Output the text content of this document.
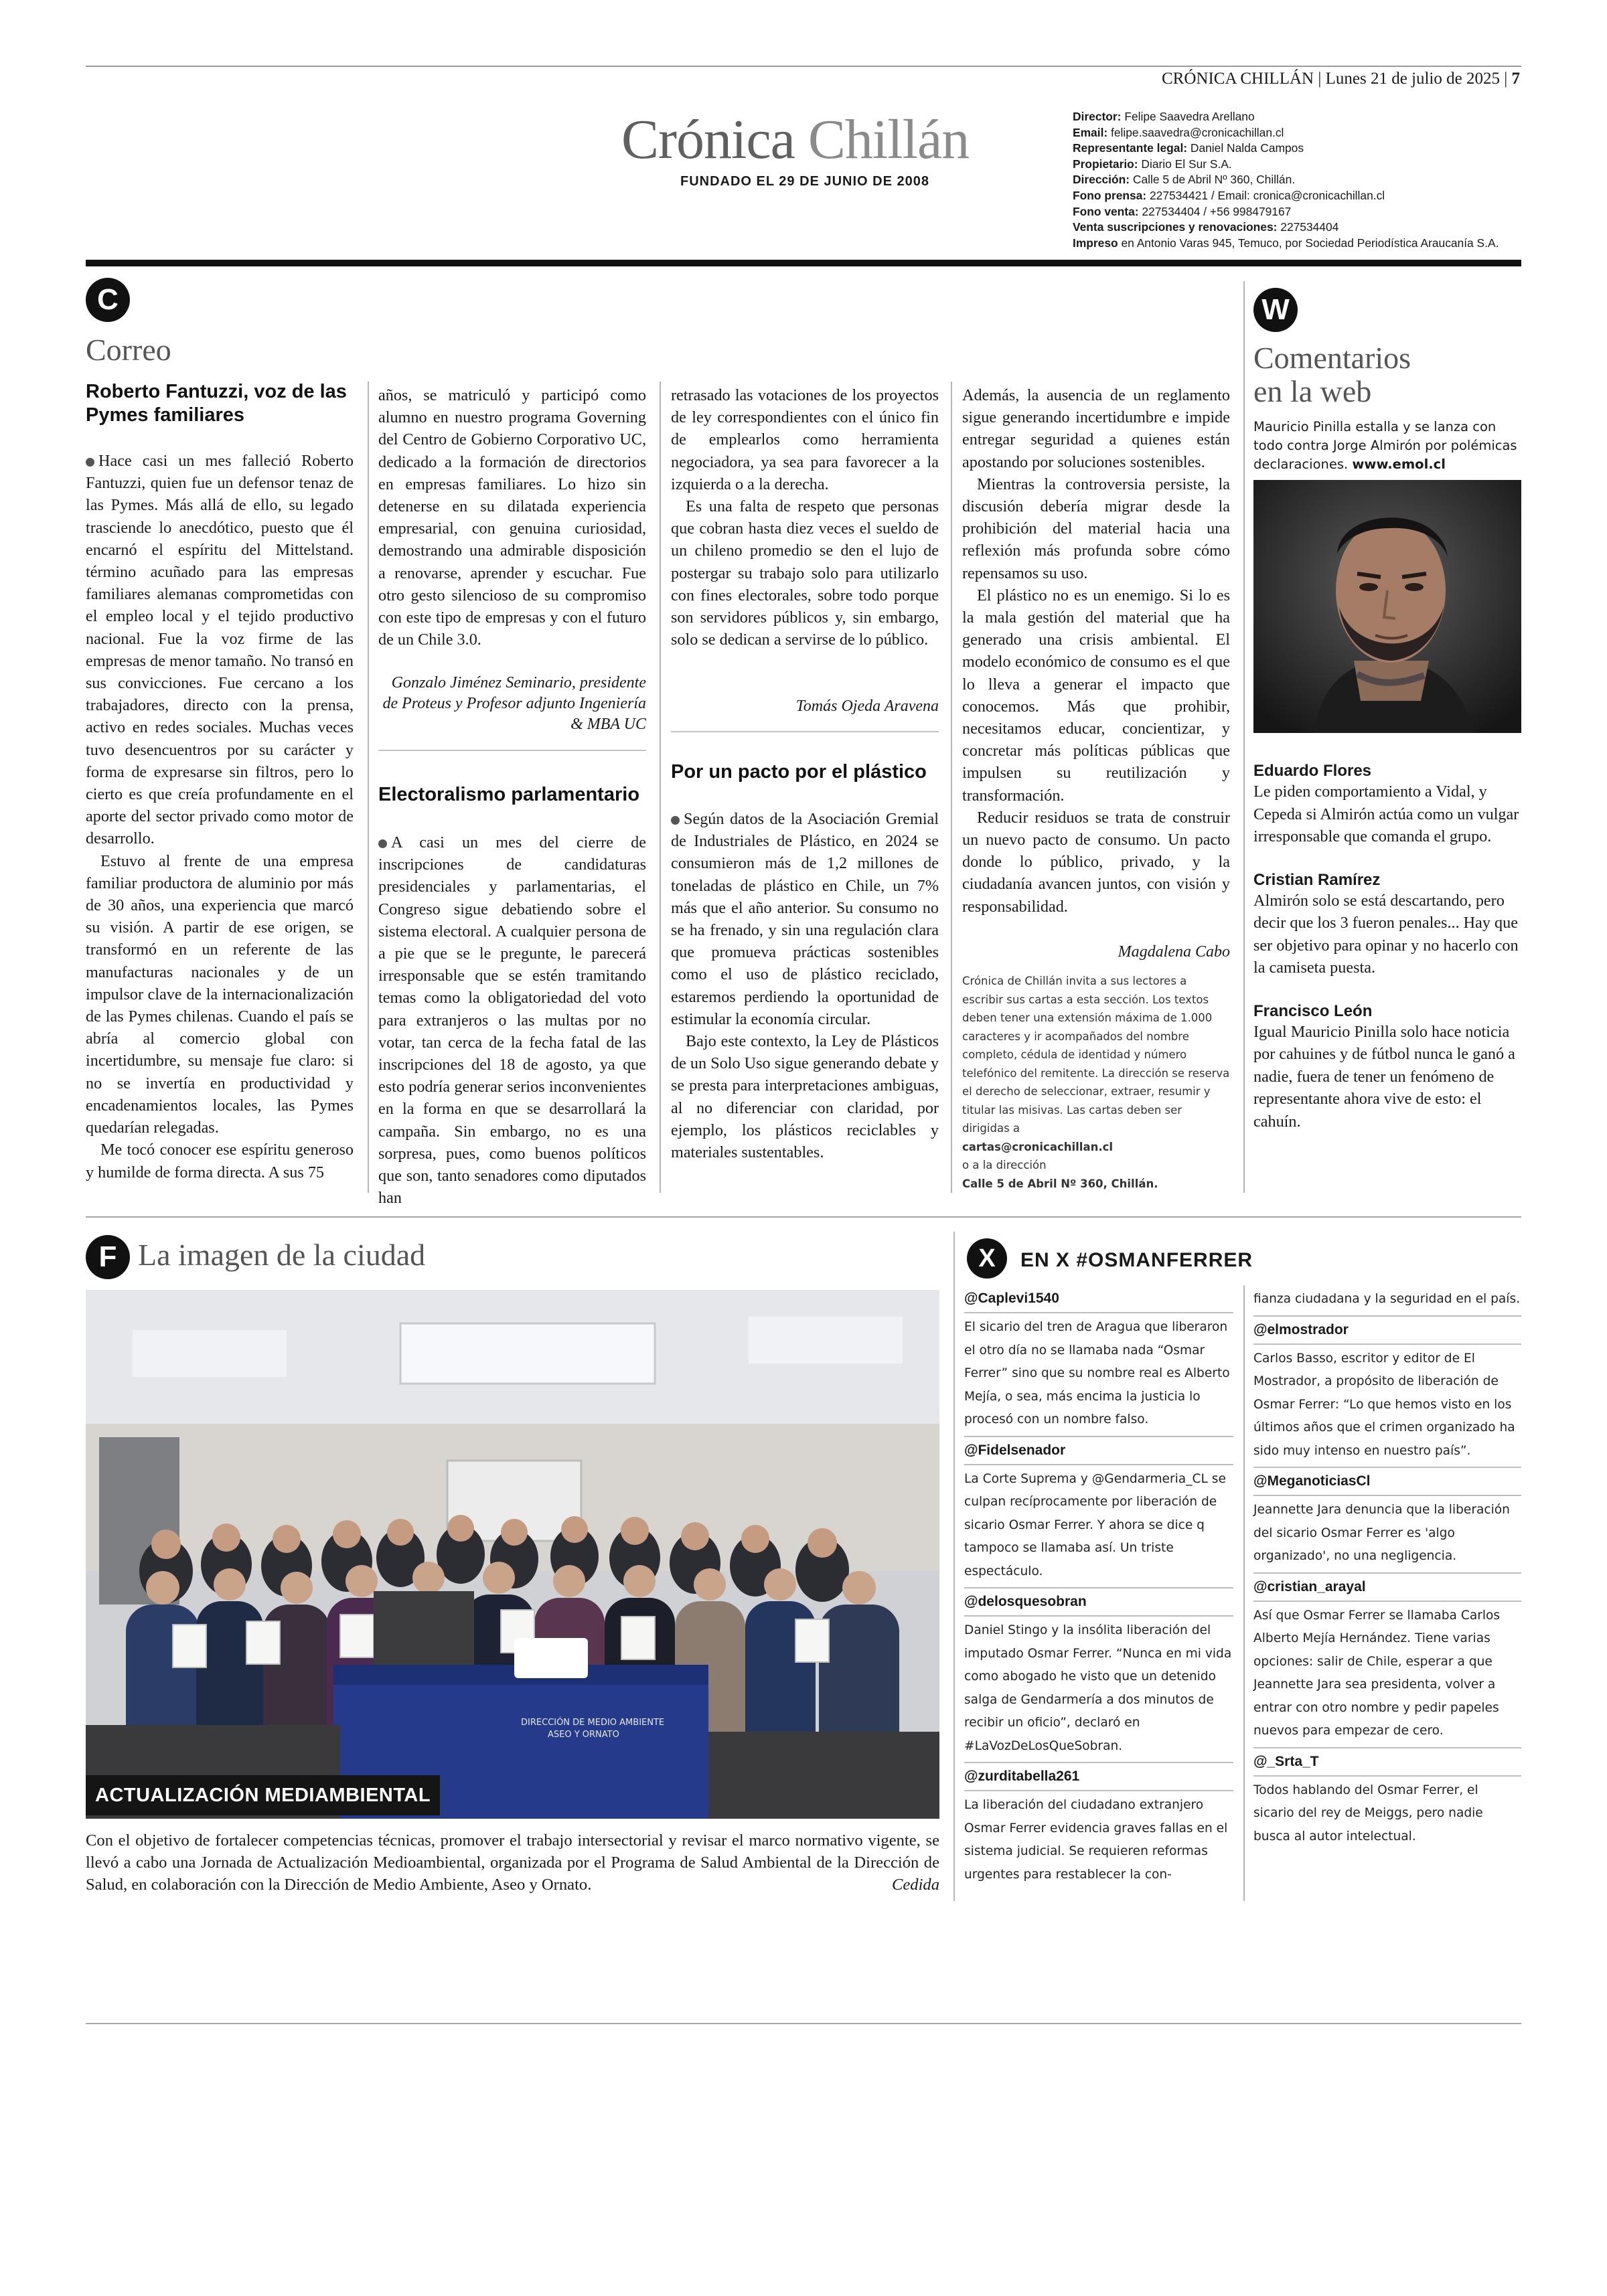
CRÓNICA CHILLÁN | Lunes 21 de julio de 2025 | 7
Crónica Chillán
FUNDADO EL 29 DE JUNIO DE 2008
Director: Felipe Saavedra Arellano
Email: felipe.saavedra@cronicachillan.cl
Representante legal: Daniel Nalda Campos
Propietario: Diario El Sur S.A.
Dirección: Calle 5 de Abril Nº 360, Chillán.
Fono prensa: 227534421 / Email: cronica@cronicachillan.cl
Fono venta: 227534404 / +56 998479167
Venta suscripciones y renovaciones: 227534404
Impreso en Antonio Varas 945, Temuco, por Sociedad Periodística Araucanía S.A.
C
Correo
Roberto Fantuzzi, voz de las Pymes familiares

Hace casi un mes falleció Roberto Fantuzzi, quien fue un defensor tenaz de las Pymes. Más allá de ello, su legado trasciende lo anecdótico, puesto que él encarnó el espíritu del Mittelstand. término acuñado para las empresas familiares alemanas comprometidas con el empleo local y el tejido productivo nacional. Fue la voz firme de las empresas de menor tamaño. No transó en sus convicciones. Fue cercano a los trabajadores, directo con la prensa, activo en redes sociales. Muchas veces tuvo desencuentros por su carácter y forma de expresarse sin filtros, pero lo cierto es que creía profundamente en el aporte del sector privado como motor de desarrollo.

Estuvo al frente de una empresa familiar productora de aluminio por más de 30 años, una experiencia que marcó su visión. A partir de ese origen, se transformó en un referente de las manufacturas nacionales y de un impulsor clave de la internacionalización de las Pymes chilenas. Cuando el país se abría al comercio global con incertidumbre, su mensaje fue claro: si no se invertía en productividad y encadenamientos locales, las Pymes quedarían relegadas.

Me tocó conocer ese espíritu generoso y humilde de forma directa. A sus 75

años, se matriculó y participó como alumno en nuestro programa Governing del Centro de Gobierno Corporativo UC, dedicado a la formación de directorios en empresas familiares. Lo hizo sin detenerse en su dilatada experiencia empresarial, con genuina curiosidad, demostrando una admirable disposición a renovarse, aprender y escuchar. Fue otro gesto silencioso de su compromiso con este tipo de empresas y con el futuro de un Chile 3.0.

Gonzalo Jiménez Seminario, presidente de Proteus y Profesor adjunto Ingeniería & MBA UC
Electoralismo parlamentario

A casi un mes del cierre de inscripciones de candidaturas presidenciales y parlamentarias, el Congreso sigue debatiendo sobre el sistema electoral. A cualquier persona de a pie que se le pregunte, le parecerá irresponsable que se estén tramitando temas como la obligatoriedad del voto para extranjeros o las multas por no votar, tan cerca de la fecha fatal de las inscripciones del 18 de agosto, ya que esto podría generar serios inconvenientes en la forma en que se desarrollará la campaña. Sin embargo, no es una sorpresa, pues, como buenos políticos que son, tanto senadores como diputados han

retrasado las votaciones de los proyectos de ley correspondientes con el único fin de emplearlos como herramienta negociadora, ya sea para favorecer a la izquierda o a la derecha.

Es una falta de respeto que personas que cobran hasta diez veces el sueldo de un chileno promedio se den el lujo de postergar su trabajo solo para utilizarlo con fines electorales, sobre todo porque son servidores públicos y, sin embargo, solo se dedican a servirse de lo público.

Tomás Ojeda Aravena
Por un pacto por el plástico

Según datos de la Asociación Gremial de Industriales de Plástico, en 2024 se consumieron más de 1,2 millones de toneladas de plástico en Chile, un 7% más que el año anterior. Su consumo no se ha frenado, y sin una regulación clara que promueva prácticas sostenibles como el uso de plástico reciclado, estaremos perdiendo la oportunidad de estimular la economía circular.

Bajo este contexto, la Ley de Plásticos de un Solo Uso sigue generando debate y se presta para interpretaciones ambiguas, al no diferenciar con claridad, por ejemplo, los plásticos reciclables y materiales sustentables.

Además, la ausencia de un reglamento sigue generando incertidumbre e impide entregar seguridad a quienes están apostando por soluciones sostenibles.

Mientras la controversia persiste, la discusión debería migrar desde la prohibición del material hacia una reflexión más profunda sobre cómo repensamos su uso.

El plástico no es un enemigo. Si lo es la mala gestión del material que ha generado una crisis ambiental. El modelo económico de consumo es el que lo lleva a generar el impacto que conocemos. Más que prohibir, necesitamos educar, concientizar, y concretar más políticas públicas que impulsen su reutilización y transformación.

Reducir residuos se trata de construir un nuevo pacto de consumo. Un pacto donde lo público, privado, y la ciudadanía avancen juntos, con visión y responsabilidad.

Magdalena Cabo
Crónica de Chillán invita a sus lectores a escribir sus cartas a esta sección. Los textos deben tener una extensión máxima de 1.000 caracteres y ir acompañados del nombre completo, cédula de identidad y número telefónico del remitente. La dirección se reserva el derecho de seleccionar, extraer, resumir y titular las misivas. Las cartas deben ser dirigidas a
cartas@cronicachillan.cl
o a la dirección
Calle 5 de Abril Nº 360, Chillán.
W
Comentarios
en la web
Mauricio Pinilla estalla y se lanza con todo contra Jorge Almirón por polémicas declaraciones. www.emol.cl
Eduardo Flores
Le piden comportamiento a Vidal, y Cepeda si Almirón actúa como un vulgar irresponsable que comanda el grupo.
Cristian Ramírez
Almirón solo se está descartando, pero decir que los 3 fueron penales... Hay que ser objetivo para opinar y no hacerlo con la camiseta puesta.
Francisco León
Igual Mauricio Pinilla solo hace noticia por cahuines y de fútbol nunca le ganó a nadie, fuera de tener un fenómeno de representante ahora vive de esto: el cahuín.
F La imagen de la ciudad
DIRECCIÓN DE MEDIO AMBIENTE
ASEO Y ORNATO
ACTUALIZACIÓN MEDIAMBIENTAL
Con el objetivo de fortalecer competencias técnicas, promover el trabajo intersectorial y revisar el marco normativo vigente, se llevó a cabo una Jornada de Actualización Medioambiental, organizada por el Programa de Salud Ambiental de la Dirección de Salud, en colaboración con la Dirección de Medio Ambiente, Aseo y Ornato.	Cedida
X	EN X #OSMANFERRER
@Caplevi1540
El sicario del tren de Aragua que liberaron el otro día no se llamaba nada “Osmar Ferrer” sino que su nombre real es Alberto Mejía, o sea, más encima la justicia lo procesó con un nombre falso.
@Fidelsenador
La Corte Suprema y @Gendarmeria_CL se culpan recíprocamente por liberación de sicario Osmar Ferrer. Y ahora se dice q tampoco se llamaba así. Un triste espectáculo.
@delosquesobran
Daniel Stingo y la insólita liberación del imputado Osmar Ferrer. “Nunca en mi vida como abogado he visto que un detenido salga de Gendarmería a dos minutos de recibir un oficio”, declaró en #LaVozDeLosQueSobran.
@zurditabella261
La liberación del ciudadano extranjero Osmar Ferrer evidencia graves fallas en el sistema judicial. Se requieren reformas urgentes para restablecer la con-
fianza ciudadana y la seguridad en el país.
@elmostrador
Carlos Basso, escritor y editor de El Mostrador, a propósito de liberación de Osmar Ferrer: “Lo que hemos visto en los últimos años que el crimen organizado ha sido muy intenso en nuestro país”.
@MeganoticiasCl
Jeannette Jara denuncia que la liberación del sicario Osmar Ferrer es 'algo organizado', no una negligencia.
@cristian_arayal
Así que Osmar Ferrer se llamaba Carlos Alberto Mejía Hernández. Tiene varias opciones: salir de Chile, esperar a que Jeannette Jara sea presidenta, volver a entrar con otro nombre y pedir papeles nuevos para empezar de cero.
@_Srta_T
Todos hablando del Osmar Ferrer, el sicario del rey de Meiggs, pero nadie busca al autor intelectual.
